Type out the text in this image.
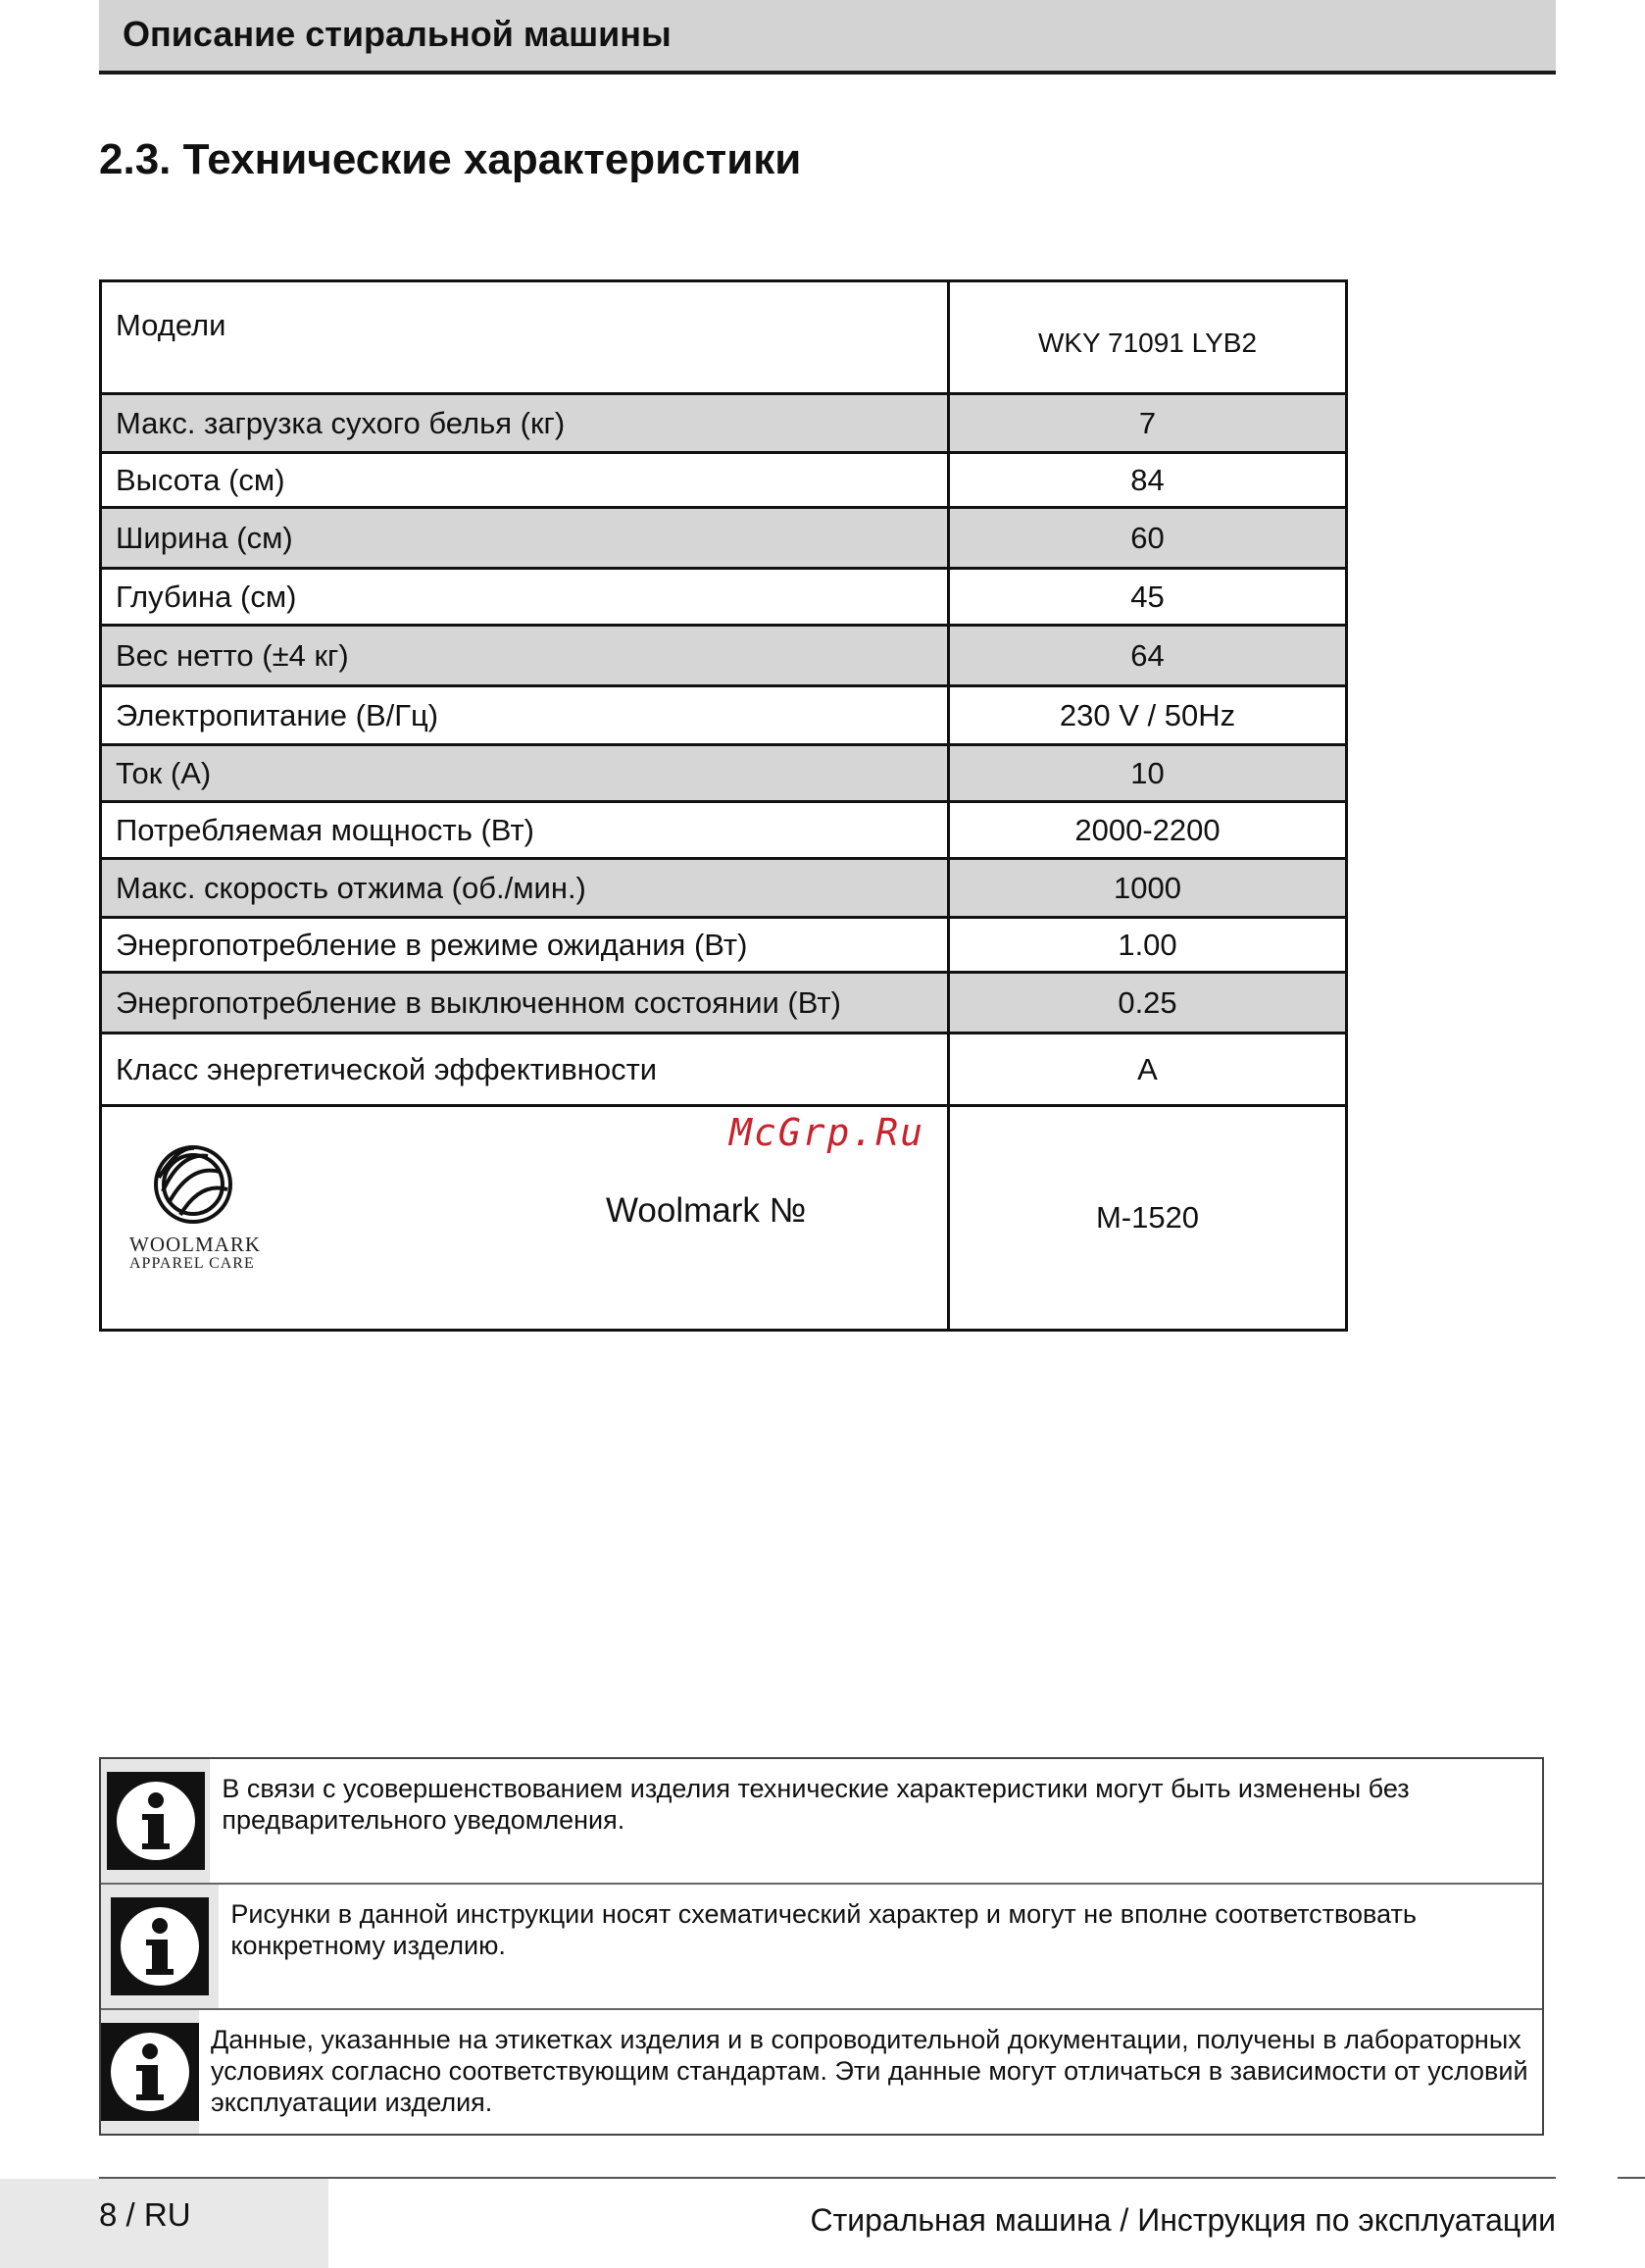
Описание стиральной машины
2.3. Технические характеристики
Модели	WKY 71091 LYB2
Макс. загрузка сухого белья (кг)	7
Высота (см)	84
Ширина (см)	60
Глубина (см)	45
Вес нетто (±4 кг)	64
Электропитание (В/Гц)	230 V / 50Hz
Ток (А)	10
Потребляемая мощность (Вт)	2000-2200
Макс. скорость отжима (об./мин.)	1000
Энергопотребление в режиме ожидания (Вт)	1.00
Энергопотребление в выключенном состоянии (Вт)	0.25
Класс энергетической эффективности	A

WOOLMARK
APPAREL CARE
Woolmark №	M-1520
McGrp.Ru
В связи с усовершенствованием изделия технические характеристики могут быть изменены без предварительного уведомления.
Рисунки в данной инструкции носят схематический характер и могут не вполне соответствовать конкретному изделию.
Данные, указанные на этикетках изделия и в сопроводительной документации, получены в лабораторных условиях согласно соответствующим стандартам. Эти данные могут отличаться в зависимости от условий эксплуатации изделия.
8 / RU	Стиральная машина / Инструкция по эксплуатации
